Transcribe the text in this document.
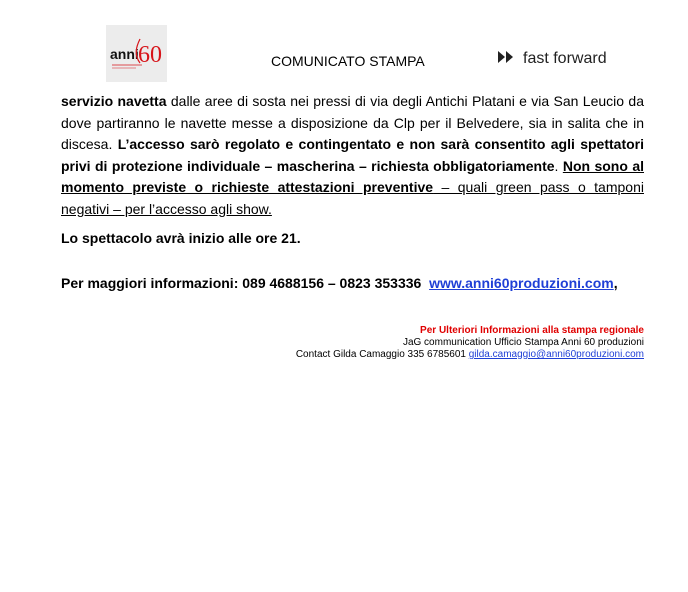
anni 60	COMUNICATO STAMPA	fast forward

servizio navetta dalle aree di sosta nei pressi di via degli Antichi Platani e via San Leucio da dove partiranno le navette messe a disposizione da Clp per il Belvedere, sia in salita che in discesa. L’accesso sarò regolato e contingentato e non sarà consentito agli spettatori privi di protezione individuale – mascherina – richiesta obbligatoriamente. Non sono al momento previste o richieste attestazioni preventive – quali green pass o tamponi negativi – per l’accesso agli show.

Lo spettacolo avrà inizio alle ore 21.
Per maggiori informazioni: 089 4688156 – 0823 353336 www.anni60produzioni.com,
Per Ulteriori Informazioni alla stampa regionale
JaG communication Ufficio Stampa Anni 60 produzioni
Contact Gilda Camaggio 335 6785601 gilda.camaggio@anni60produzioni.com
